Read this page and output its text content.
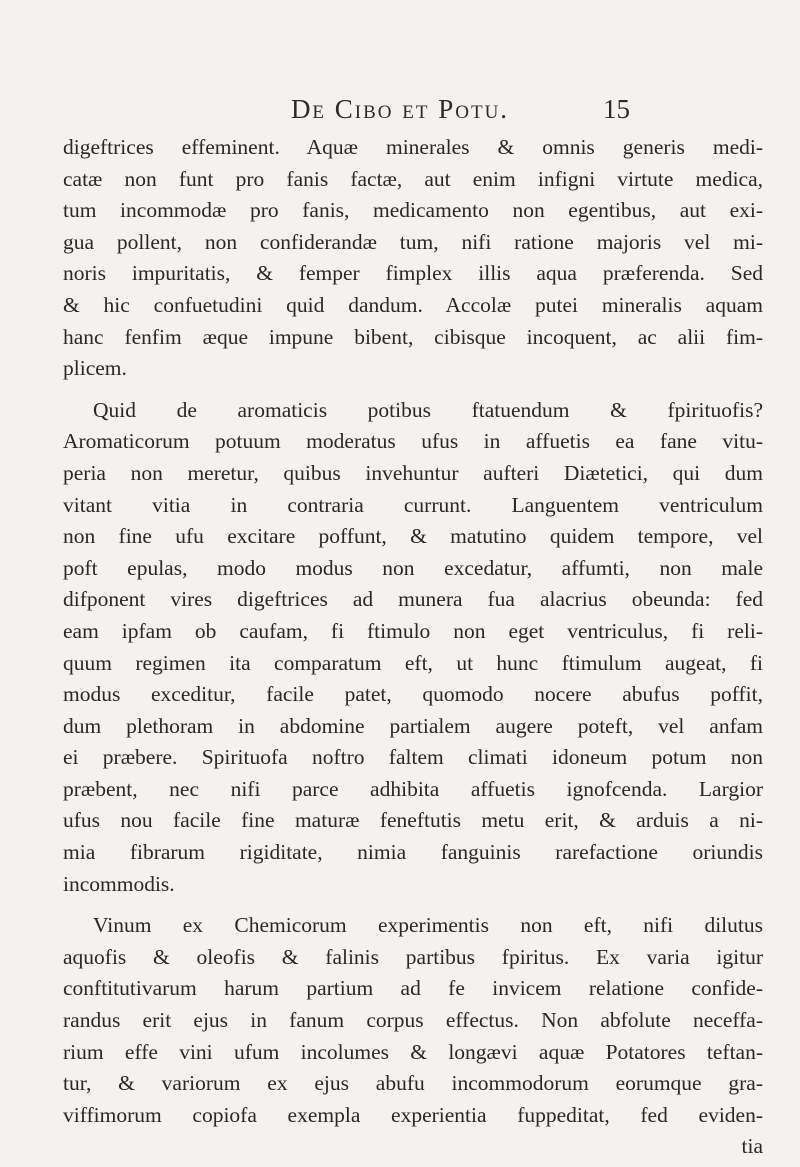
De Cibo et Potu.	15
digeftrices effeminent. Aquæ minerales & omnis generis medi-
catæ non funt pro fanis factæ, aut enim infigni virtute medica,
tum incommodæ pro fanis, medicamento non egentibus, aut exi-
gua pollent, non confiderandæ tum, nifi ratione majoris vel mi-
noris impuritatis, & femper fimplex illis aqua præferenda. Sed
& hic confuetudini quid dandum. Accolæ putei mineralis aquam
hanc fenfim æque impune bibent, cibisque incoquent, ac alii fim-
plicem.
Quid de aromaticis potibus ftatuendum & fpirituofis?
Aromaticorum potuum moderatus ufus in affuetis ea fane vitu-
peria non meretur, quibus invehuntur aufteri Diætetici, qui dum
vitant vitia in contraria currunt. Languentem ventriculum
non fine ufu excitare poffunt, & matutino quidem tempore, vel
poft epulas, modo modus non excedatur, affumti, non male
difponent vires digeftrices ad munera fua alacrius obeunda: fed
eam ipfam ob caufam, fi ftimulo non eget ventriculus, fi reli-
quum regimen ita comparatum eft, ut hunc ftimulum augeat, fi
modus exceditur, facile patet, quomodo nocere abufus poffit,
dum plethoram in abdomine partialem augere poteft, vel anfam
ei præbere. Spirituofa noftro faltem climati idoneum potum non
præbent, nec nifi parce adhibita affuetis ignofcenda. Largior
ufus nou facile fine maturæ feneftutis metu erit, & arduis a ni-
mia fibrarum rigiditate, nimia fanguinis rarefactione oriundis
incommodis.
Vinum ex Chemicorum experimentis non eft, nifi dilutus
aquofis & oleofis & falinis partibus fpiritus. Ex varia igitur
conftitutivarum harum partium ad fe invicem relatione confide-
randus erit ejus in fanum corpus effectus. Non abfolute neceffa-
rium effe vini ufum incolumes & longævi aquæ Potatores teftan-
tur, & variorum ex ejus abufu incommodorum eorumque gra-
viffimorum copiofa exempla experientia fuppeditat, fed eviden-
tia
